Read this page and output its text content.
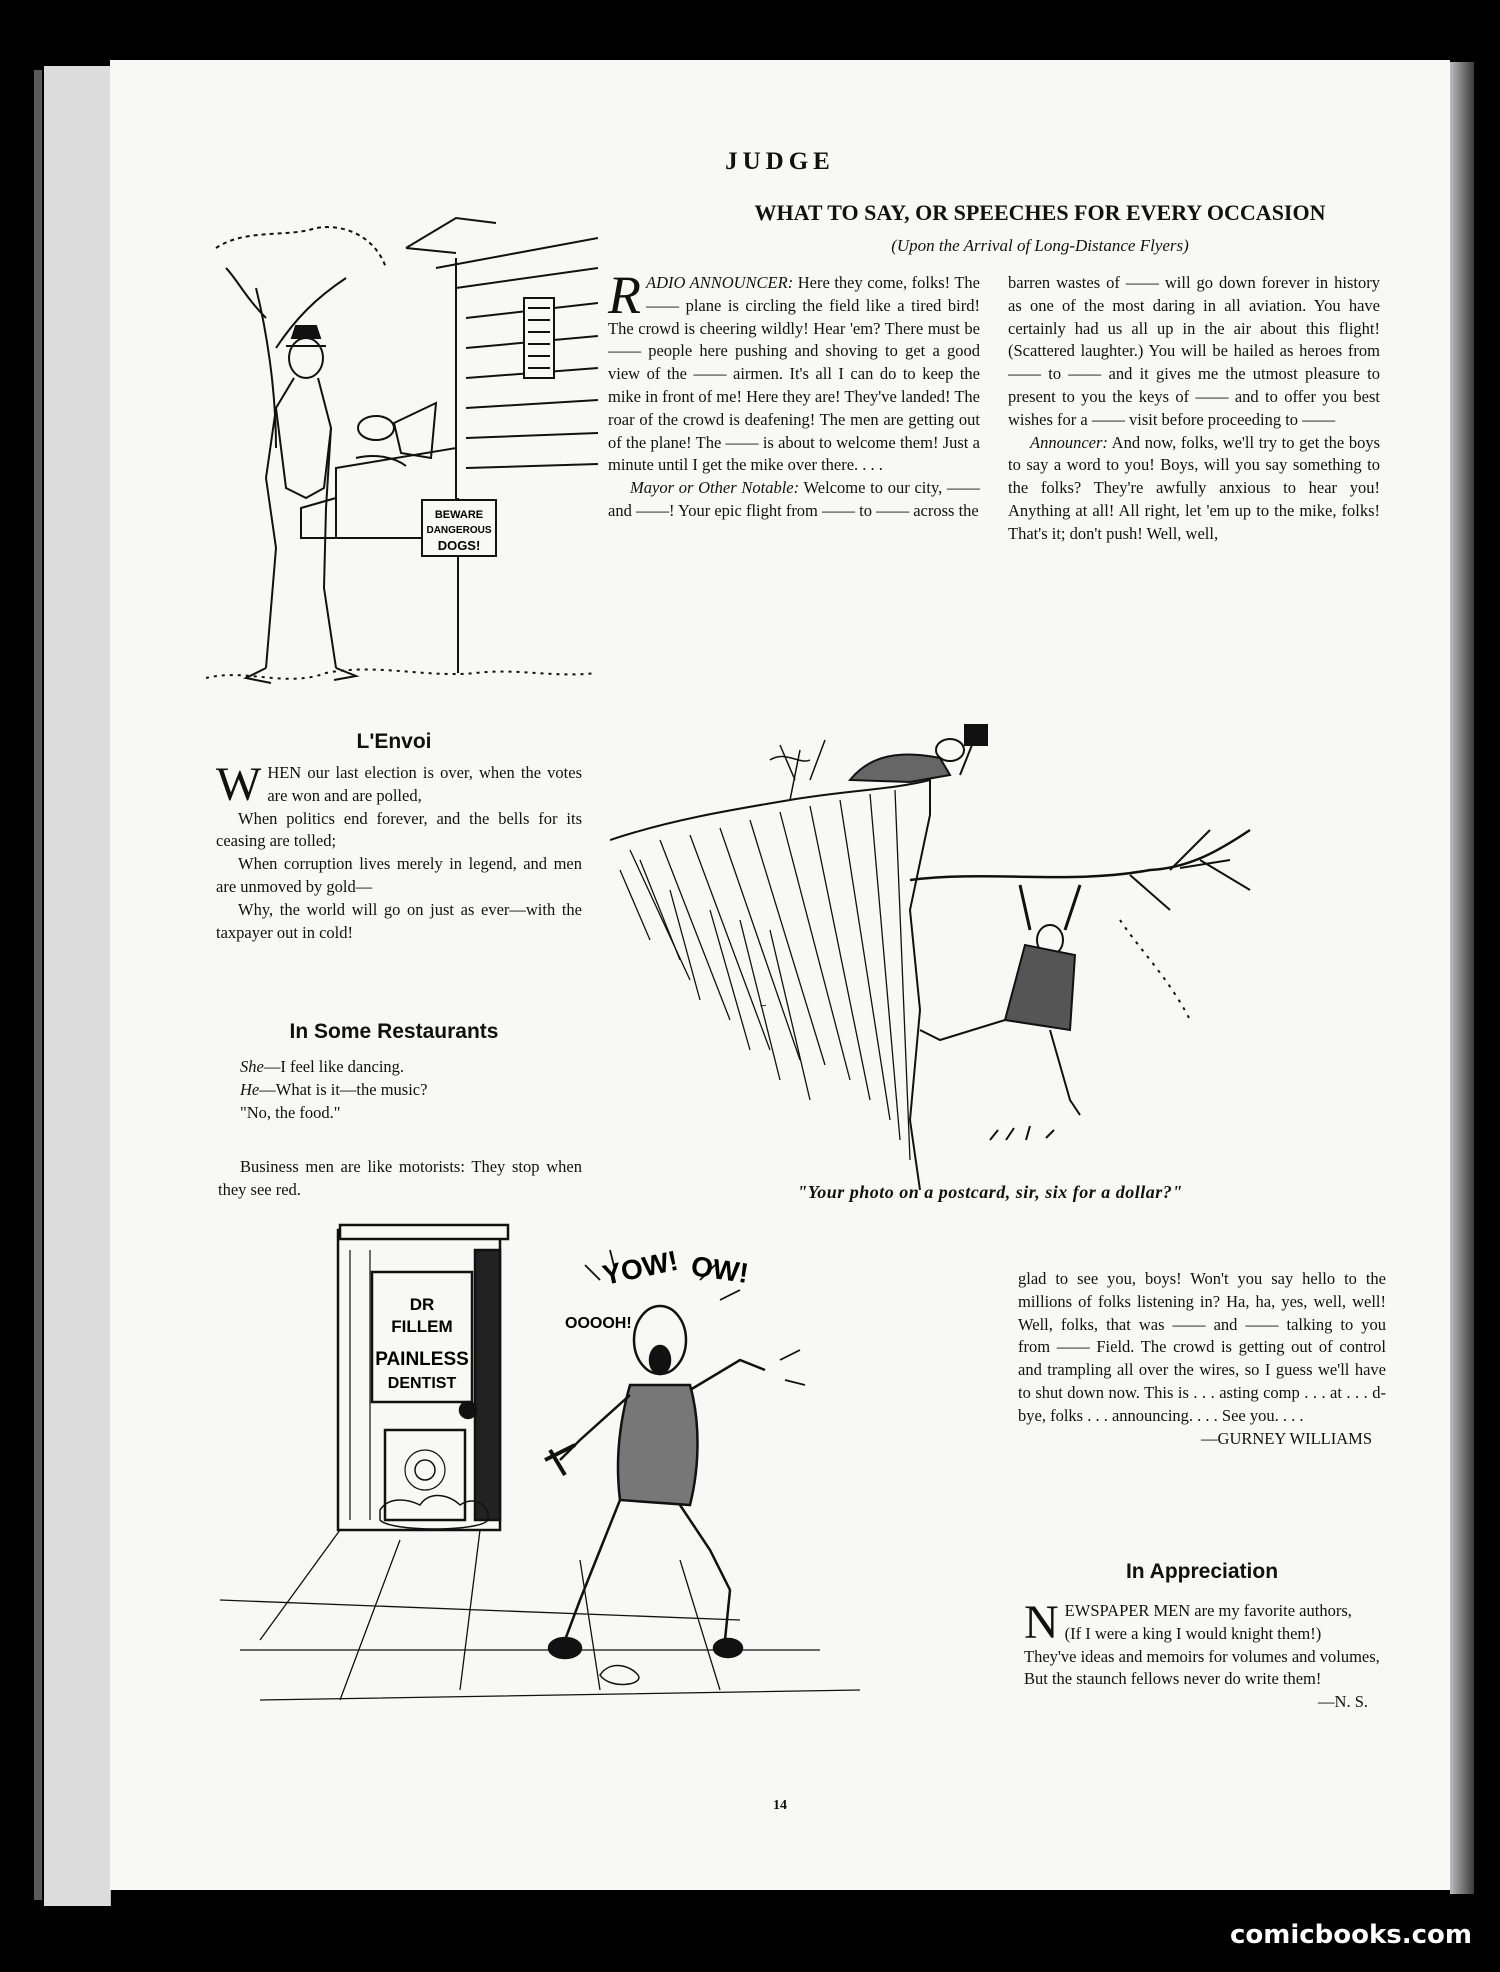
JUDGE
WHAT TO SAY, OR SPEECHES FOR EVERY OCCASION
(Upon the Arrival of Long-Distance Flyers)
BEWARE
DANGEROUS
DOGS!

RADIO ANNOUNCER: Here they come, folks! The —— plane is circling the field like a tired bird! The crowd is cheering wildly! Hear 'em? There must be —— people here pushing and shoving to get a good view of the —— airmen. It's all I can do to keep the mike in front of me! Here they are! They've landed! The roar of the crowd is deafening! The men are getting out of the plane! The —— is about to welcome them! Just a minute until I get the mike over there. . . .

Mayor or Other Notable: Welcome to our city, —— and ——! Your epic flight from —— to —— across the

barren wastes of —— will go down forever in history as one of the most daring in all aviation. You have certainly had us all up in the air about this flight! (Scattered laughter.) You will be hailed as heroes from —— to —— and it gives me the utmost pleasure to present to you the keys of —— and to offer you best wishes for a —— visit before proceeding to ——

Announcer: And now, folks, we'll try to get the boys to say a word to you! Boys, will you say something to the folks? They're awfully anxious to hear you! Anything at all! All right, let 'em up to the mike, folks! That's it; don't push! Well, well,

L'Envoi

WHEN our last election is over, when the votes are won and are polled,

When politics end forever, and the bells for its ceasing are tolled;

When corruption lives merely in legend, and men are unmoved by gold—

Why, the world will go on just as ever—with the taxpayer out in cold!

In Some Restaurants

She—I feel like dancing.

He—What is it—the music?

"No, the food."

Business men are like motorists: They stop when they see red.

~
"Your photo on a postcard, sir, six for a dollar?"
DR
FILLEM
PAINLESS
DENTIST
YOW! OW!
OOOOH!

glad to see you, boys! Won't you say hello to the millions of folks listening in? Ha, ha, yes, well, well! Well, folks, that was —— and —— talking to you from —— Field. The crowd is getting out of control and trampling all over the wires, so I guess we'll have to shut down now. This is . . . asting comp . . . at . . . d-bye, folks . . . announcing. . . . See you. . . .

—GURNEY WILLIAMS

In Appreciation

NEWSPAPER MEN are my favorite authors,

(If I were a king I would knight them!)

They've ideas and memoirs for volumes and volumes,

But the staunch fellows never do write them!

—N. S.

14
comicbooks.com
